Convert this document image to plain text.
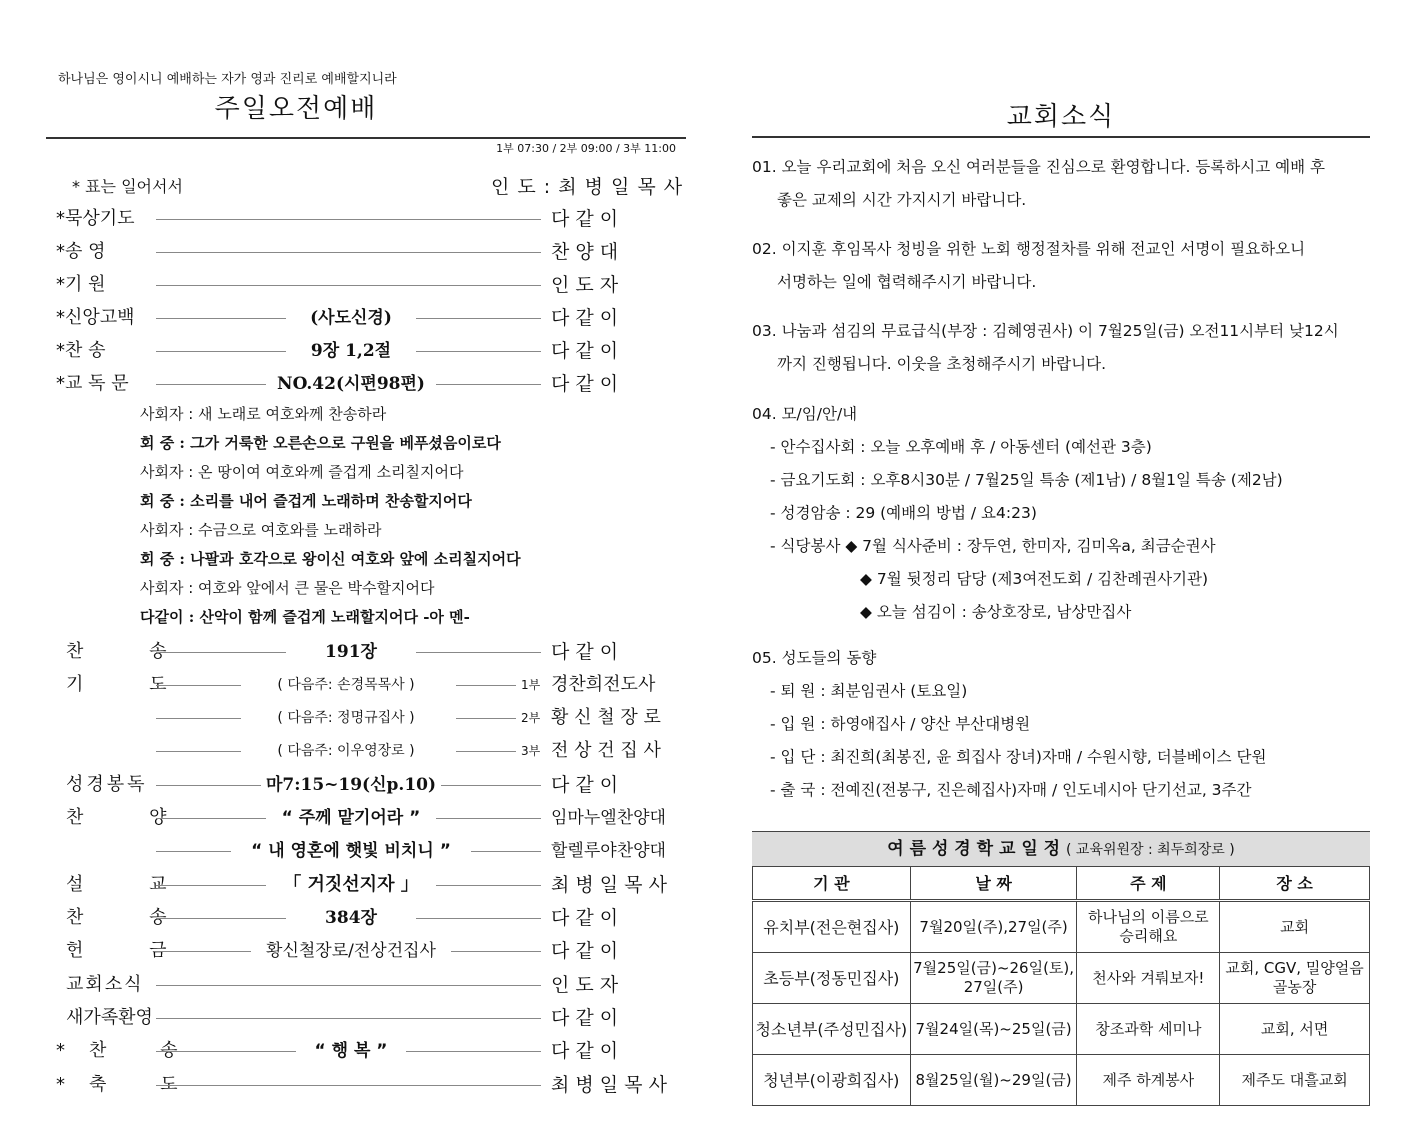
하나님은 영이시니 예배하는 자가 영과 진리로 예배할지니라
주일오전예배
1부 07:30 / 2부 09:00 / 3부 11:00
* 표는 일어서서	인 도 : 최 병 일 목 사
*묵상기도	다 같 이
*송 영	찬 양 대
*기 원	인 도 자
*신앙고백	(사도신경)	다 같 이
*찬 송	9장 1,2절	다 같 이
*교 독 문	NO.42(시편98편)	다 같 이
사회자 : 새 노래로 여호와께 찬송하라
회 중 : 그가 거룩한 오른손으로 구원을 베푸셨음이로다
사회자 : 온 땅이여 여호와께 즐겁게 소리칠지어다
회 중 : 소리를 내어 즐겁게 노래하며 찬송할지어다
사회자 : 수금으로 여호와를 노래하라
회 중 : 나팔과 호각으로 왕이신 여호와 앞에 소리칠지어다
사회자 : 여호와 앞에서 큰 물은 박수할지어다
다같이 : 산악이 함께 즐겁게 노래할지어다 -아 멘-
찬 송	191장	다 같 이
기 도	( 다음주: 손경목목사 )	1부 경찬희전도사
( 다음주: 정명규집사 )	2부 황 신 철 장 로
( 다음주: 이우영장로 )	3부 전 상 건 집 사
성경봉독	마7:15~19(신p.10)	다 같 이
찬 양	“ 주께 맡기어라 ”	임마누엘찬양대
“ 내 영혼에 햇빛 비치니 ”	할렐루야찬양대
설 교	「 거짓선지자 」	최 병 일 목 사
찬 송	384장	다 같 이
헌 금	황신철장로/전상건집사	다 같 이
교회소식	인 도 자
새가족환영	다 같 이
*찬 송	“ 행 복 ”	다 같 이
*축 도	최 병 일 목 사
교회소식
01. 오늘 우리교회에 처음 오신 여러분들을 진심으로 환영합니다. 등록하시고 예배 후
좋은 교제의 시간 가지시기 바랍니다.
02. 이지훈 후임목사 청빙을 위한 노회 행정절차를 위해 전교인 서명이 필요하오니
서명하는 일에 협력해주시기 바랍니다.
03. 나눔과 섬김의 무료급식(부장 : 김혜영권사) 이 7월25일(금) 오전11시부터 낮12시
까지 진행됩니다. 이웃을 초청해주시기 바랍니다.
04. 모/임/안/내
- 안수집사회 : 오늘 오후예배 후 / 아동센터 (예선관 3층)
- 금요기도회 : 오후8시30분 / 7월25일 특송 (제1남) / 8월1일 특송 (제2남)
- 성경암송 : 29 (예배의 방법 / 요4:23)
- 식당봉사 ◆ 7월 식사준비 : 장두연, 한미자, 김미옥a, 최금순권사
◆ 7월 뒷정리 담당 (제3여전도회 / 김찬례권사기관)
◆ 오늘 섬김이 : 송상호장로, 남상만집사
05. 성도들의 동향
- 퇴 원 : 최분임권사 (토요일)
- 입 원 : 하영애집사 / 양산 부산대병원
- 입 단 : 최진희(최봉진, 윤 희집사 장녀)자매 / 수원시향, 더블베이스 단원
- 출 국 : 전예진(전봉구, 진은혜집사)자매 / 인도네시아 단기선교, 3주간
여 름 성 경 학 교 일 정 ( 교육위원장 : 최두희장로 )
기 관	날 짜	주 제	장 소
유치부(전은현집사)	7월20일(주),27일(주)	하나님의 이름으로 승리해요	교회
초등부(정동민집사)	7월25일(금)~26일(토), 27일(주)	천사와 겨뤄보자!	교회, CGV, 밀양얼음골농장
청소년부(주성민집사)	7월24일(목)~25일(금)	창조과학 세미나	교회, 서면
청년부(이광희집사)	8월25일(월)~29일(금)	제주 하계봉사	제주도 대흘교회
